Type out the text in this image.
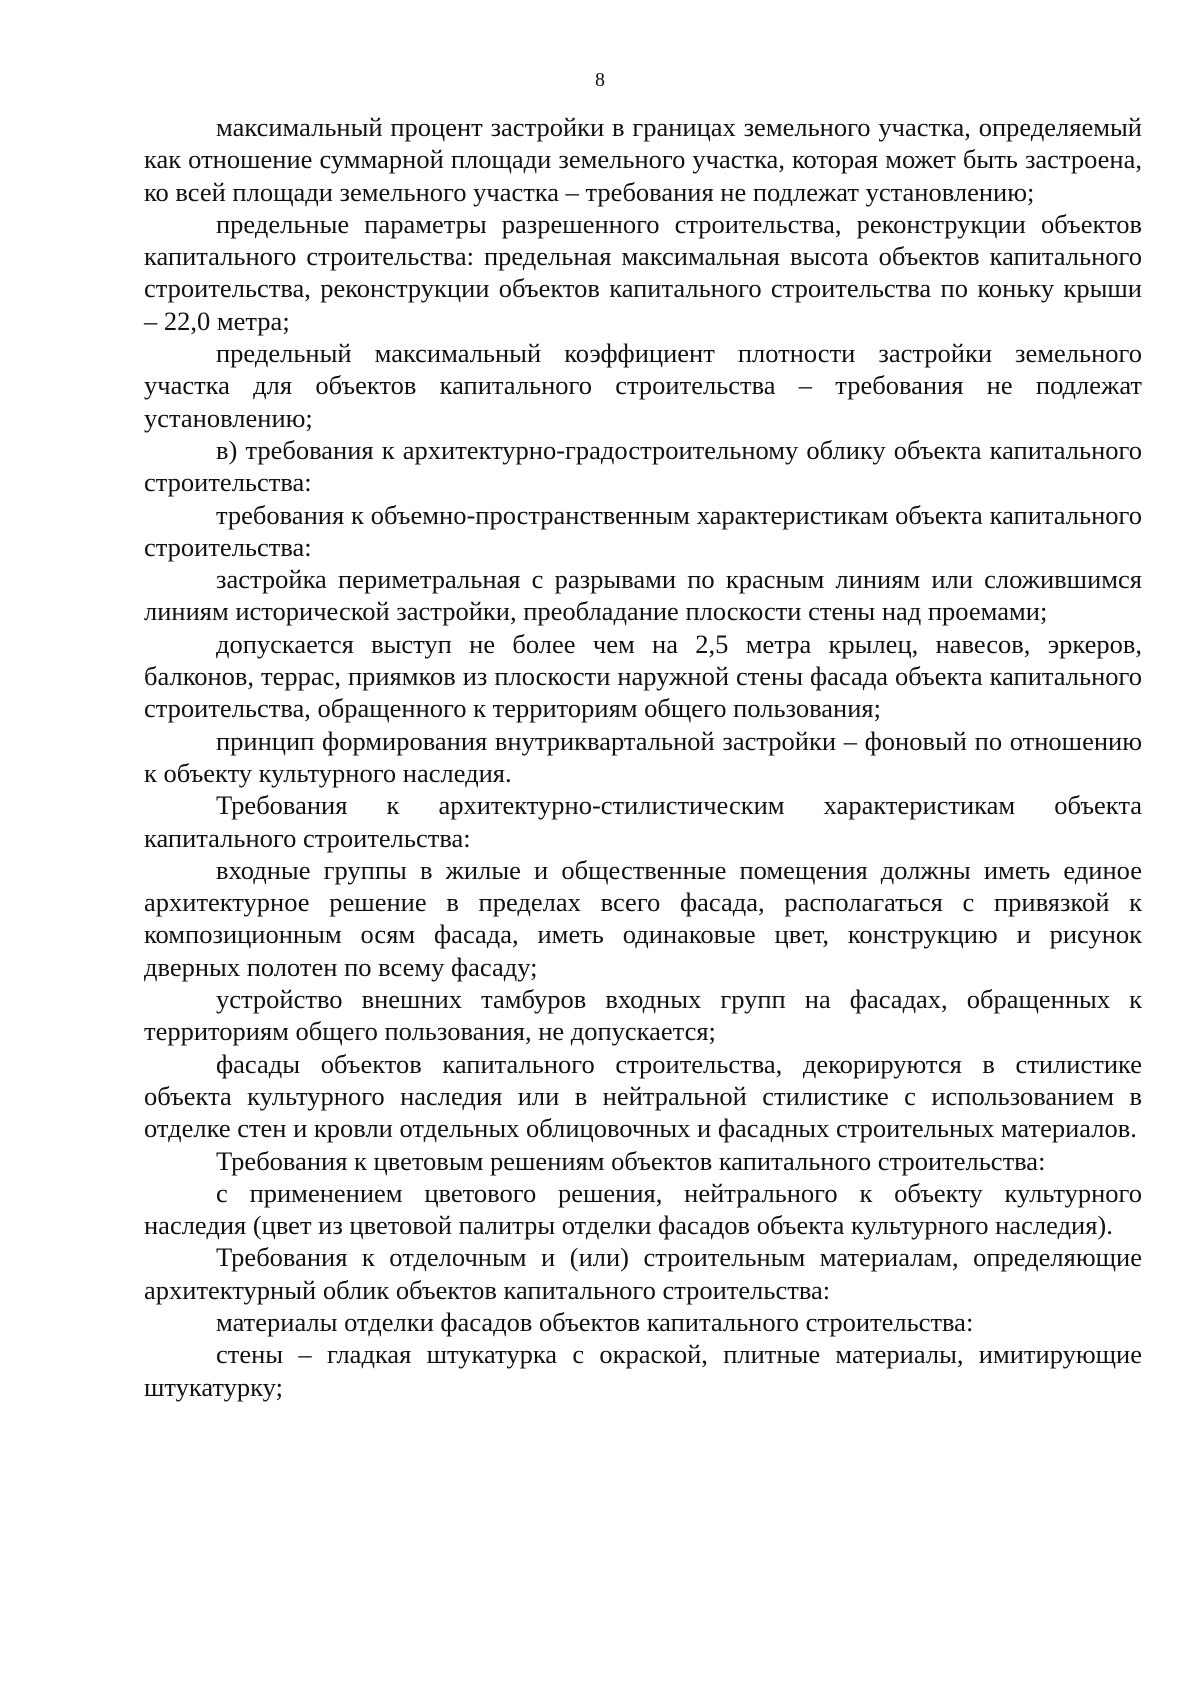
8

максимальный процент застройки в границах земельного участка, определяемый как отношение суммарной площади земельного участка, которая может быть застроена, ко всей площади земельного участка – требования не подлежат установлению;

предельные параметры разрешенного строительства, реконструкции объектов капитального строительства: предельная максимальная высота объектов капитального строительства, реконструкции объектов капитального строительства по коньку крыши – 22,0 метра;

предельный максимальный коэффициент плотности застройки земельного участка для объектов капитального строительства – требования не подлежат установлению;

в) требования к архитектурно-градостроительному облику объекта капитального строительства:

требования к объемно-пространственным характеристикам объекта капитального строительства:

застройка периметральная с разрывами по красным линиям или сложившимся линиям исторической застройки, преобладание плоскости стены над проемами;

допускается выступ не более чем на 2,5 метра крылец, навесов, эркеров, балконов, террас, приямков из плоскости наружной стены фасада объекта капитального строительства, обращенного к территориям общего пользования;

принцип формирования внутриквартальной застройки – фоновый по отношению к объекту культурного наследия.

Требования к архитектурно-стилистическим характеристикам объекта капитального строительства:

входные группы в жилые и общественные помещения должны иметь единое архитектурное решение в пределах всего фасада, располагаться с привязкой к композиционным осям фасада, иметь одинаковые цвет, конструкцию и рисунок дверных полотен по всему фасаду;

устройство внешних тамбуров входных групп на фасадах, обращенных к территориям общего пользования, не допускается;

фасады объектов капитального строительства, декорируются в стилистике объекта культурного наследия или в нейтральной стилистике с использованием в отделке стен и кровли отдельных облицовочных и фасадных строительных материалов.

Требования к цветовым решениям объектов капитального строительства:

с применением цветового решения, нейтрального к объекту культурного наследия (цвет из цветовой палитры отделки фасадов объекта культурного наследия).

Требования к отделочным и (или) строительным материалам, определяющие архитектурный облик объектов капитального строительства:

материалы отделки фасадов объектов капитального строительства:

стены – гладкая штукатурка с окраской, плитные материалы, имитирующие штукатурку;
